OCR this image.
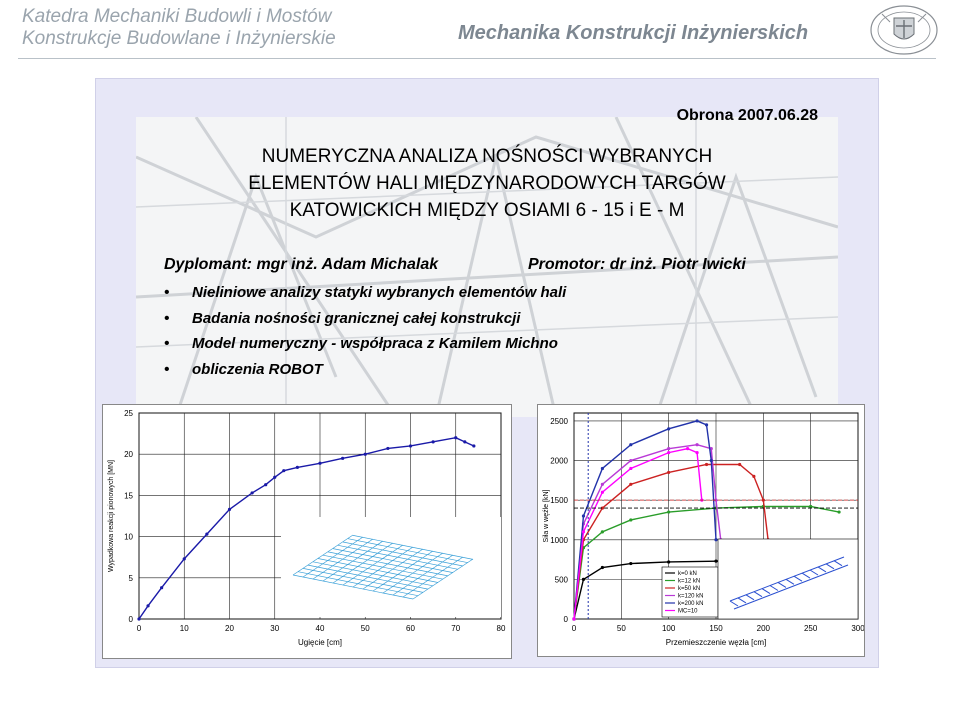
Katedra Mechaniki Budowli i Mostów
Konstrukcje Budowlane i Inżynierskie	Mechanika Konstrukcji Inżynierskich
Obrona 2007.06.28
NUMERYCZNA ANALIZA NOŚNOŚCI WYBRANYCH
ELEMENTÓW HALI MIĘDZYNARODOWYCH TARGÓW
KATOWICKICH MIĘDZY OSIAMI 6 - 15 i E - M
Dyplomant: mgr inż. Adam Michalak	Promotor: dr inż. Piotr Iwicki
• Nieliniowe analizy statyki wybranych elementów hali
• Badania nośności granicznej całej konstrukcji
• Model numeryczny - współpraca z Kamilem Michno
• obliczenia ROBOT
0	10	20	30	40	50	60	70	80
0
5
10
15
20
25
Ugięcie [cm]
Wypadkowa reakcji pionowych [MN]
0	50	100	150	200	250	300
0
500
1000
1500
2000
2500
Przemieszczenie węzła [cm]
Siła w węźle [kN]
k=0 kN
k=12 kN
k=50 kN
k=120 kN
k=200 kN
MC=10
